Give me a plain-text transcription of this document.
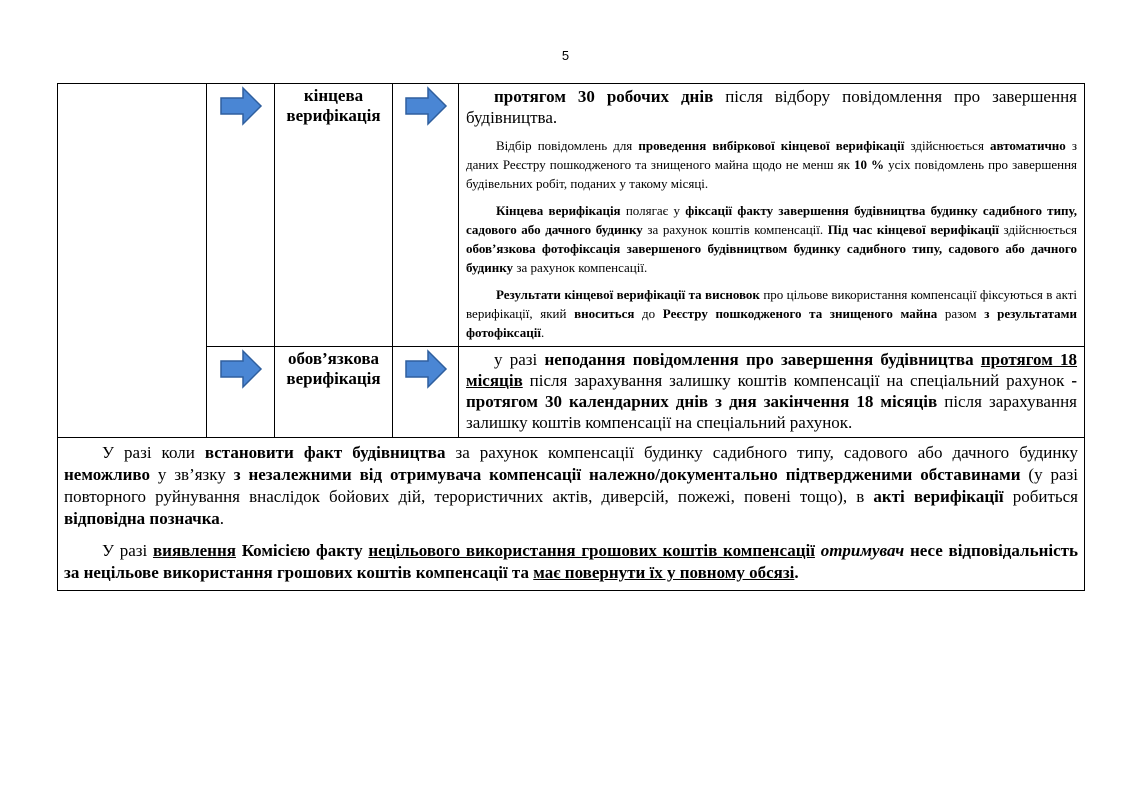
5

	кінцева верифікація		протягом 30 робочих днів після відбору повідомлення про завершення будівництва.

Відбір повідомлень для проведення вибіркової кінцевої верифікації здійснюється автоматично з даних Реєстру пошкодженого та знищеного майна щодо не менш як 10 % усіх повідомлень про завершення будівельних робіт, поданих у такому місяці.

Кінцева верифікація полягає у фіксації факту завершення будівництва будинку садибного типу, садового або дачного будинку за рахунок коштів компенсації. Під час кінцевої верифікації здійснюється обов’язкова фотофіксація завершеного будівництвом будинку садибного типу, садового або дачного будинку за рахунок компенсації.

Результати кінцевої верифікації та висновок про цільове використання компенсації фіксуються в акті верифікації, який вноситься до Реєстру пошкодженого та знищеного майна разом з результатами фотофіксації.

	обов’язкова верифікація		у разі неподання повідомлення про завершення будівництва протягом 18 місяців після зарахування залишку коштів компенсації на спеціальний рахунок - протягом 30 календарних днів з дня закінчення 18 місяців після зарахування залишку коштів компенсації на спеціальний рахунок.

У разі коли встановити факт будівництва за рахунок компенсації будинку садибного типу, садового або дачного будинку неможливо у зв’язку з незалежними від отримувача компенсації належно/документально підтвердженими обставинами (у разі повторного руйнування внаслідок бойових дій, терористичних актів, диверсій, пожежі, повені тощо), в акті верифікації робиться відповідна позначка.

У разі виявлення Комісією факту нецільового використання грошових коштів компенсації отримувач несе відповідальність за нецільове використання грошових коштів компенсації та має повернути їх у повному обсязі.				
